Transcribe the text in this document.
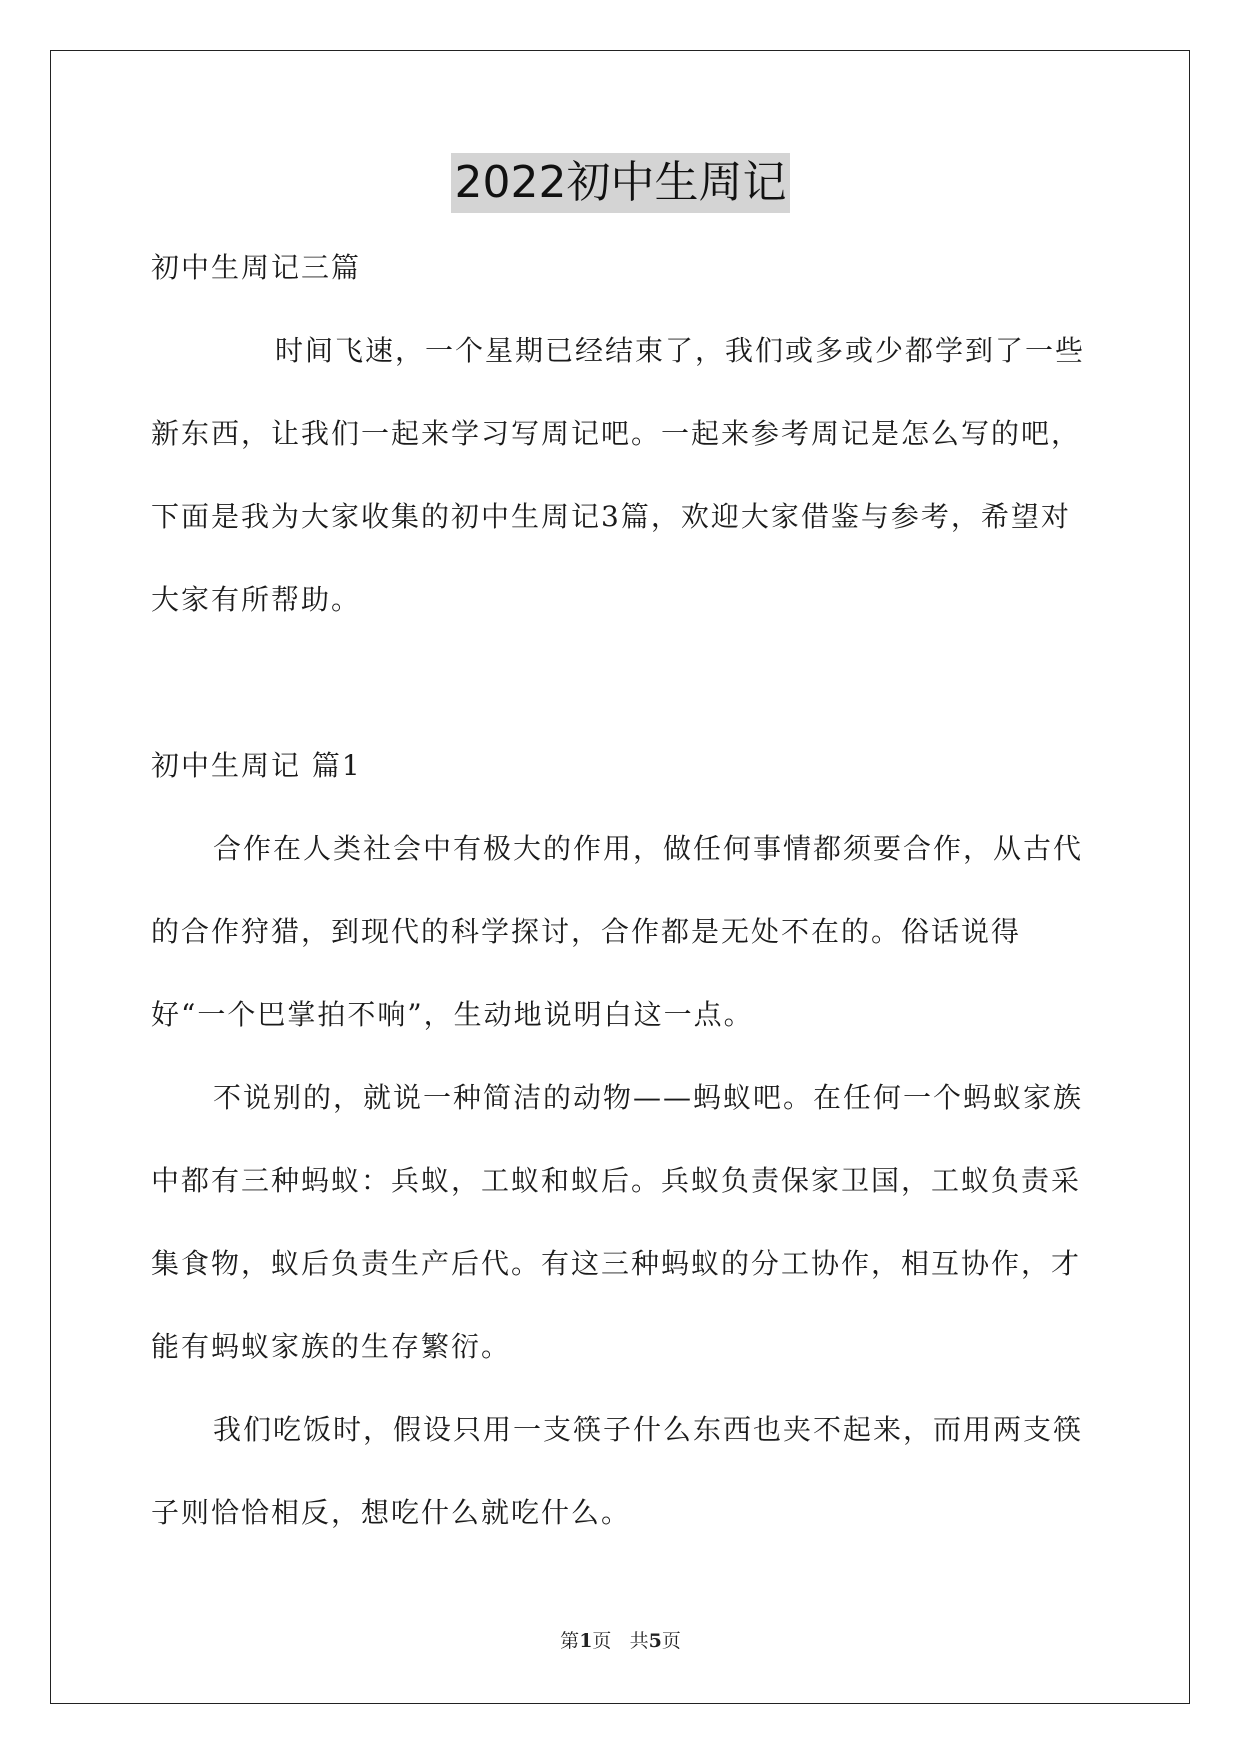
2022初中生周记

初中生周记三篇

时间飞速，一个星期已经结束了，我们或多或少都学到了一些新东西，让我们一起来学习写周记吧。一起来参考周记是怎么写的吧，下面是我为大家收集的初中生周记3篇，欢迎大家借鉴与参考，希望对大家有所帮助。

初中生周记 篇1

合作在人类社会中有极大的作用，做任何事情都须要合作，从古代的合作狩猎，到现代的科学探讨，合作都是无处不在的。俗话说得好“一个巴掌拍不响”，生动地说明白这一点。

不说别的，就说一种简洁的动物——蚂蚁吧。在任何一个蚂蚁家族中都有三种蚂蚁：兵蚁，工蚁和蚁后。兵蚁负责保家卫国，工蚁负责采集食物，蚁后负责生产后代。有这三种蚂蚁的分工协作，相互协作，才能有蚂蚁家族的生存繁衍。

我们吃饭时，假设只用一支筷子什么东西也夹不起来，而用两支筷子则恰恰相反，想吃什么就吃什么。

第1页 共5页
